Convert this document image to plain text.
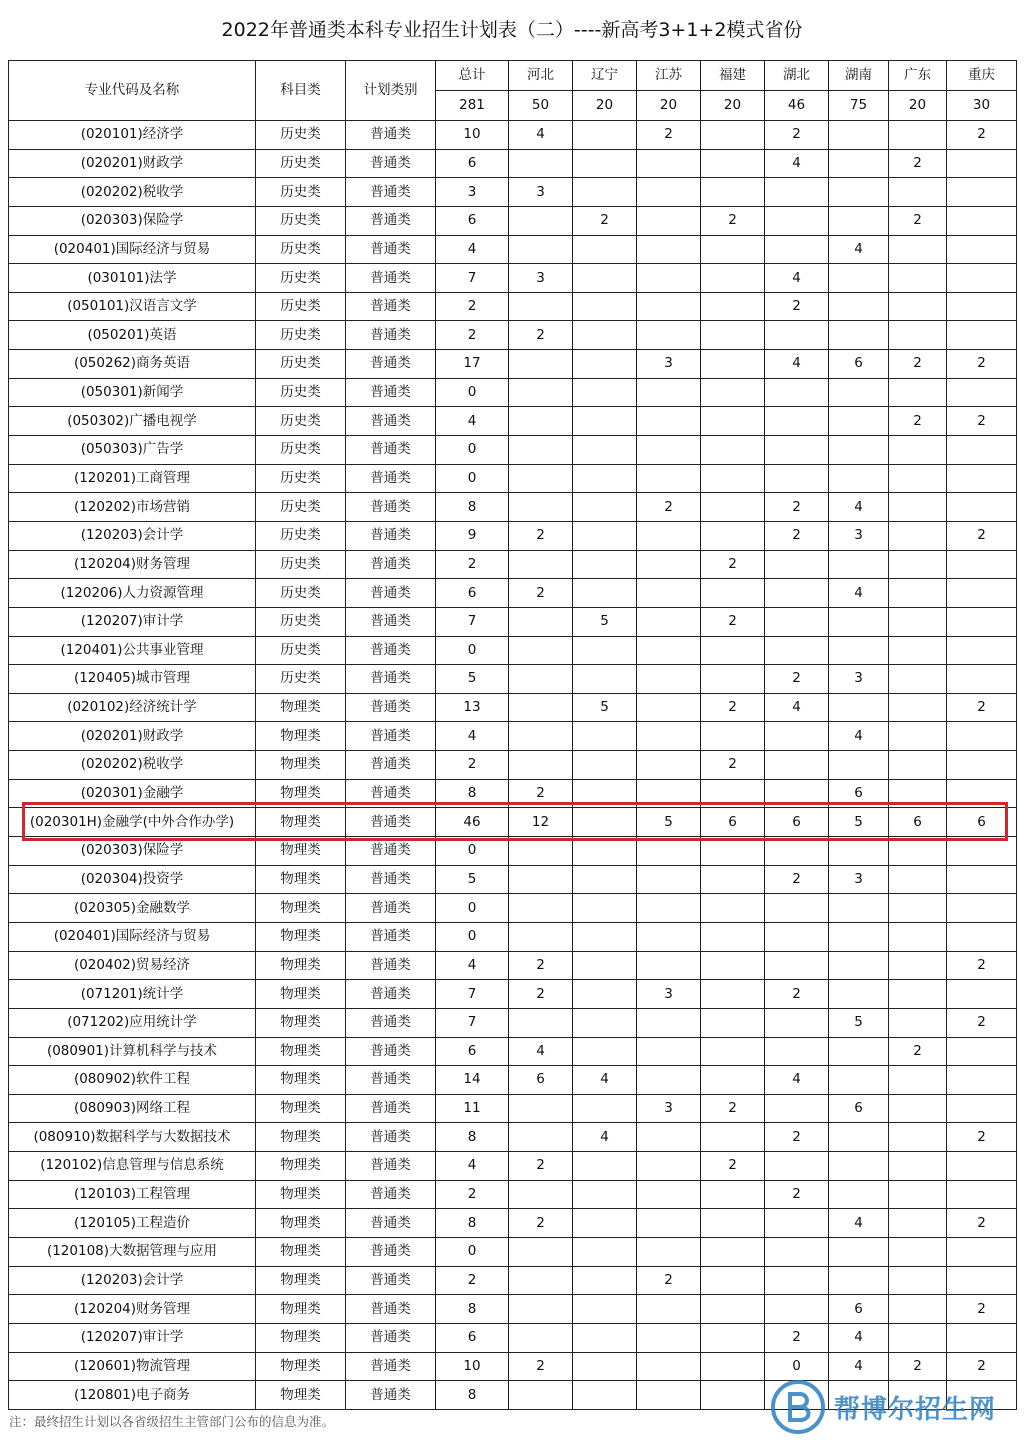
2022年普通类本科专业招生计划表（二）----新高考3+1+2模式省份
专业代码及名称	科目类	计划类别	总计	河北	辽宁	江苏	福建	湖北	湖南	广东	重庆
			281	50	20	20	20	46	75	20	30
(020101)经济学	历史类	普通类	10	4		2		2			2
(020201)财政学	历史类	普通类	6					4		2	
(020202)税收学	历史类	普通类	3	3							
(020303)保险学	历史类	普通类	6		2		2			2	
(020401)国际经济与贸易	历史类	普通类	4						4		
(030101)法学	历史类	普通类	7	3				4			
(050101)汉语言文学	历史类	普通类	2					2			
(050201)英语	历史类	普通类	2	2							
(050262)商务英语	历史类	普通类	17			3		4	6	2	2
(050301)新闻学	历史类	普通类	0								
(050302)广播电视学	历史类	普通类	4							2	2
(050303)广告学	历史类	普通类	0								
(120201)工商管理	历史类	普通类	0								
(120202)市场营销	历史类	普通类	8			2		2	4		
(120203)会计学	历史类	普通类	9	2				2	3		2
(120204)财务管理	历史类	普通类	2				2				
(120206)人力资源管理	历史类	普通类	6	2					4		
(120207)审计学	历史类	普通类	7		5		2				
(120401)公共事业管理	历史类	普通类	0								
(120405)城市管理	历史类	普通类	5					2	3		
(020102)经济统计学	物理类	普通类	13		5		2	4			2
(020201)财政学	物理类	普通类	4						4		
(020202)税收学	物理类	普通类	2				2				
(020301)金融学	物理类	普通类	8	2					6		
(020301H)金融学(中外合作办学)	物理类	普通类	46	12		5	6	6	5	6	6
(020303)保险学	物理类	普通类	0								
(020304)投资学	物理类	普通类	5					2	3		
(020305)金融数学	物理类	普通类	0								
(020401)国际经济与贸易	物理类	普通类	0								
(020402)贸易经济	物理类	普通类	4	2							2
(071201)统计学	物理类	普通类	7	2		3		2			
(071202)应用统计学	物理类	普通类	7						5		2
(080901)计算机科学与技术	物理类	普通类	6	4						2	
(080902)软件工程	物理类	普通类	14	6	4			4			
(080903)网络工程	物理类	普通类	11			3	2		6		
(080910)数据科学与大数据技术	物理类	普通类	8		4			2			2
(120102)信息管理与信息系统	物理类	普通类	4	2			2				
(120103)工程管理	物理类	普通类	2					2			
(120105)工程造价	物理类	普通类	8	2					4		2
(120108)大数据管理与应用	物理类	普通类	0								
(120203)会计学	物理类	普通类	2			2					
(120204)财务管理	物理类	普通类	8						6		2
(120207)审计学	物理类	普通类	6					2	4		
(120601)物流管理	物理类	普通类	10	2				0	4	2	2
(120801)电子商务	物理类	普通类	8								
注：最终招生计划以各省级招生主管部门公布的信息为准。	帮博尔招生网
